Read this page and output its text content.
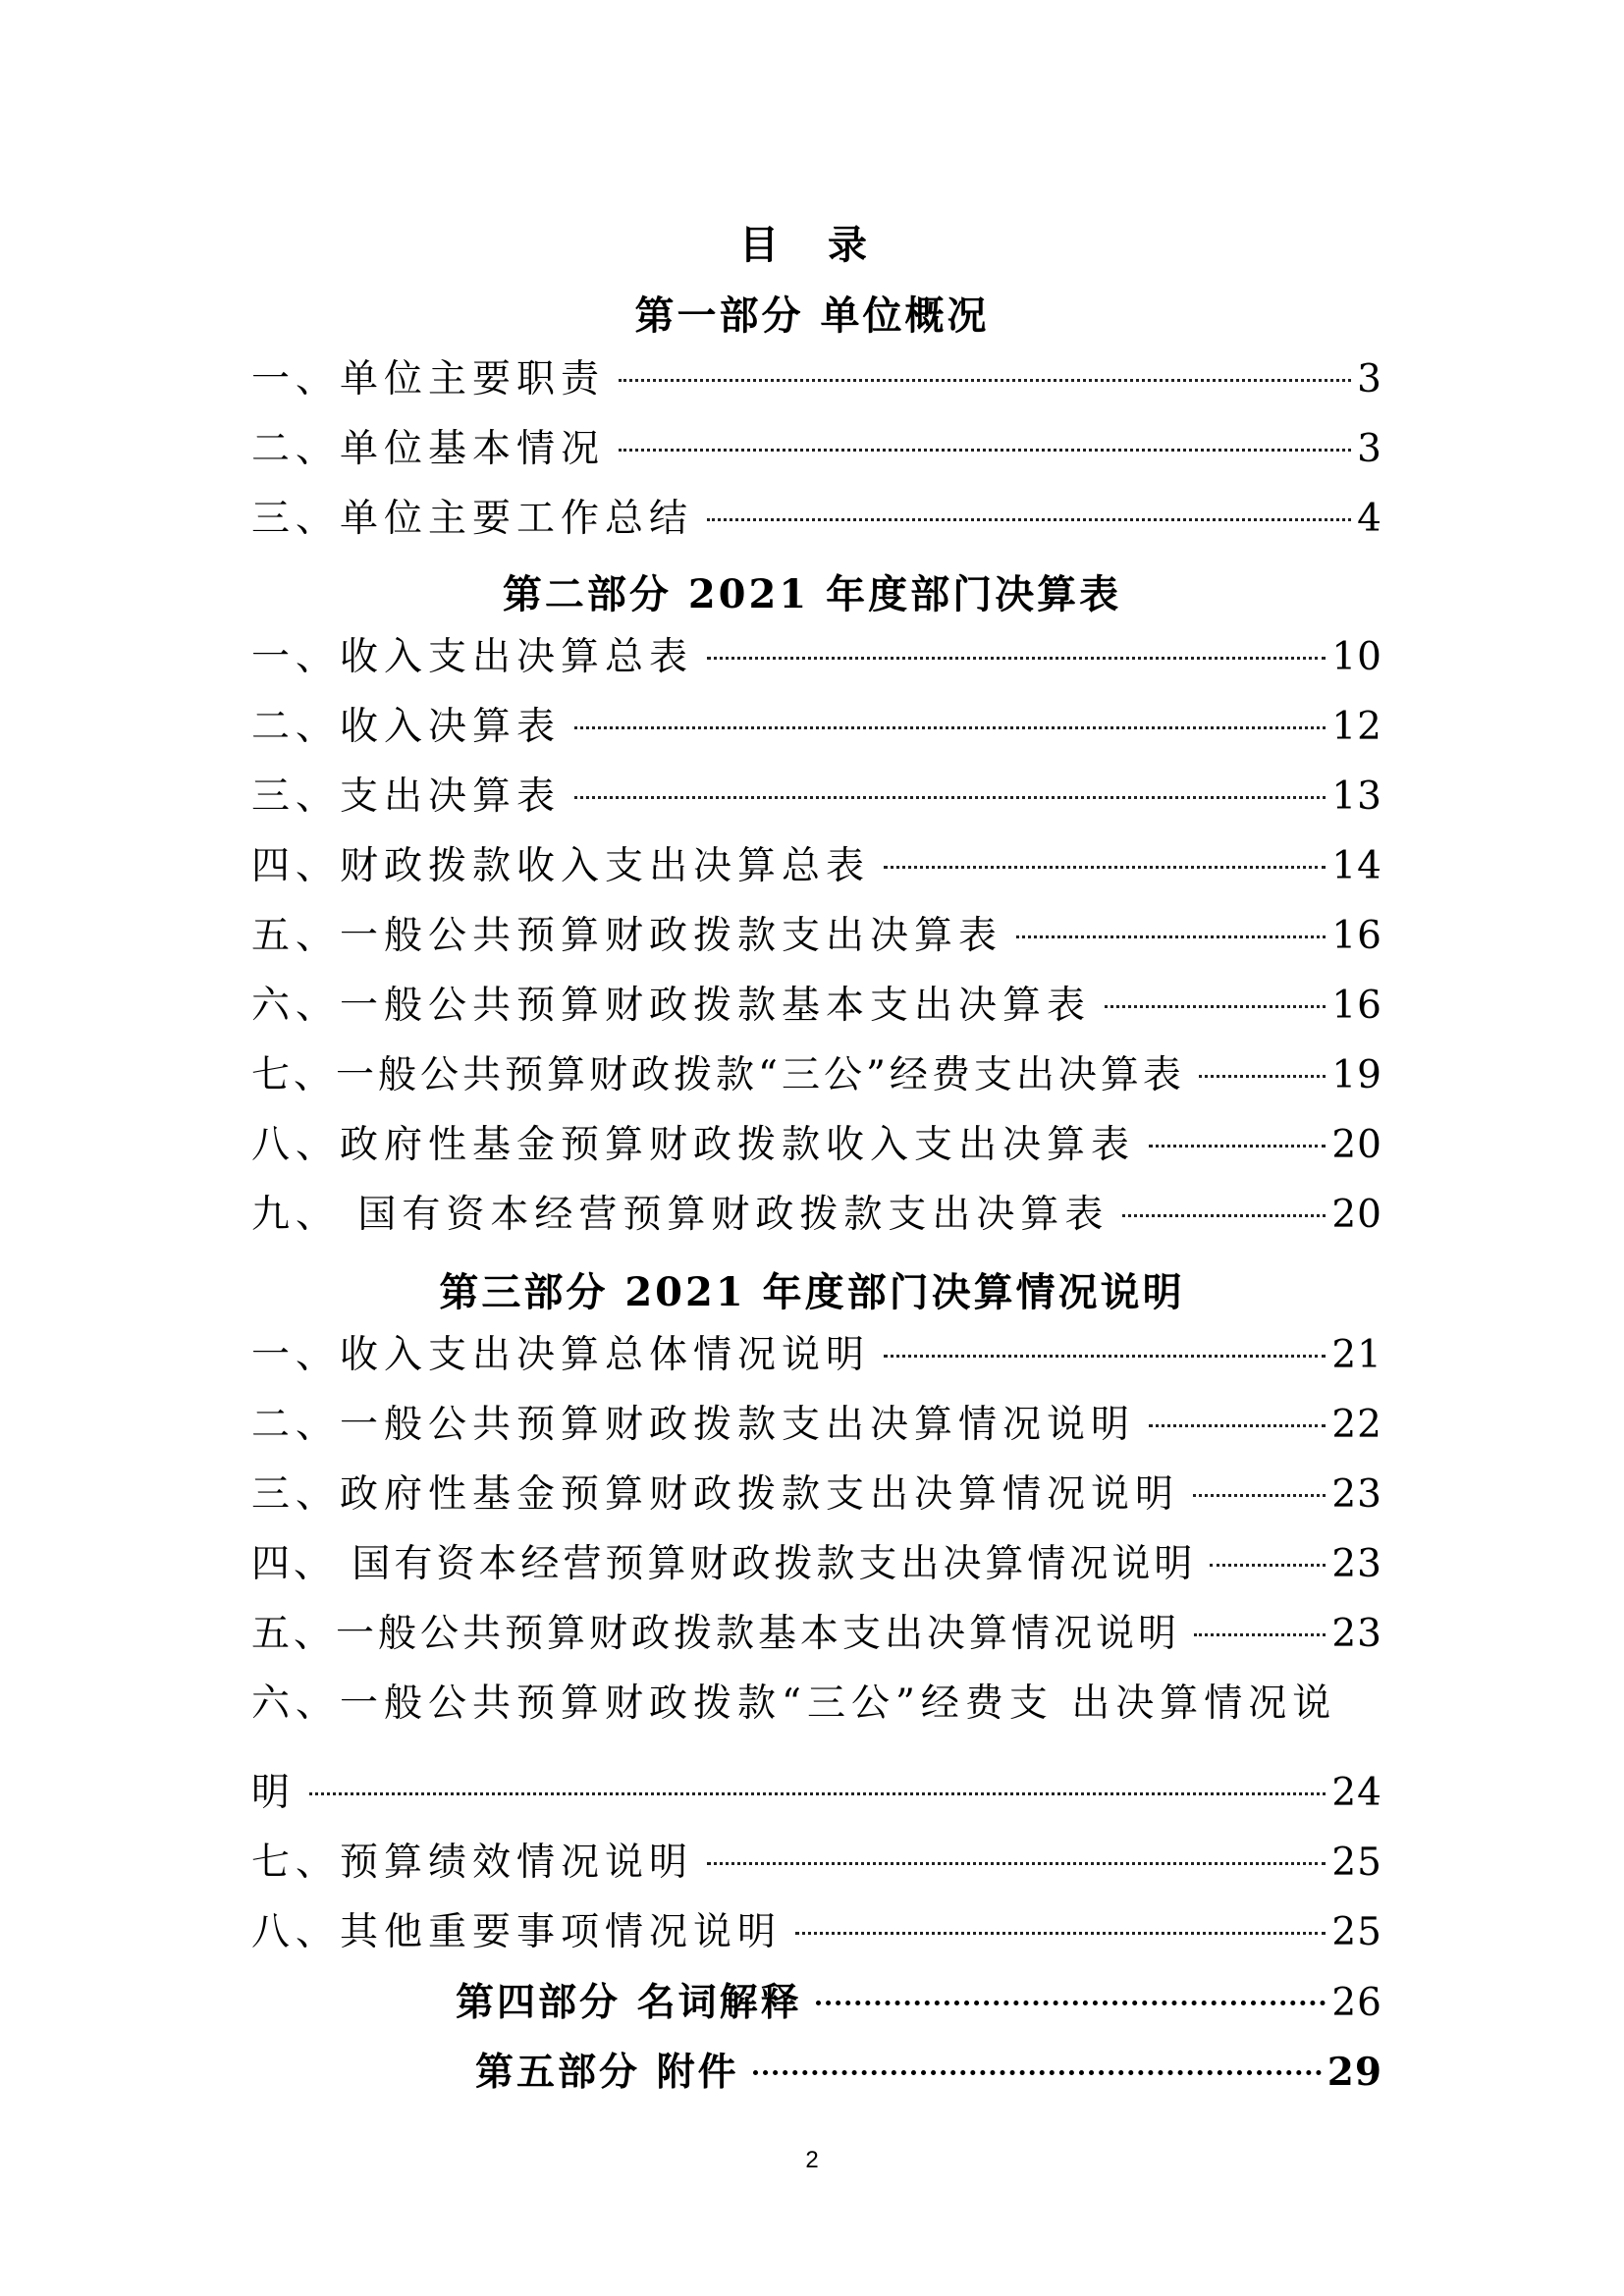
目 录
第一部分 单位概况
一、单位主要职责	3
二、单位基本情况	3
三、单位主要工作总结	4
第二部分 2021 年度部门决算表
一、收入支出决算总表	10
二、收入决算表	12
三、支出决算表	13
四、财政拨款收入支出决算总表	14
五、一般公共预算财政拨款支出决算表	16
六、一般公共预算财政拨款基本支出决算表	16
七、一般公共预算财政拨款“三公”经费支出决算表	19
八、政府性基金预算财政拨款收入支出决算表	20
九、 国有资本经营预算财政拨款支出决算表	20
第三部分 2021 年度部门决算情况说明
一、收入支出决算总体情况说明	21
二、一般公共预算财政拨款支出决算情况说明	22
三、政府性基金预算财政拨款支出决算情况说明	23
四、 国有资本经营预算财政拨款支出决算情况说明	23
五、一般公共预算财政拨款基本支出决算情况说明	23
六、一般公共预算财政拨款“三公”经费支 出决算情况说
明	24
七、预算绩效情况说明	25
八、其他重要事项情况说明	25
第四部分 名词解释	26
第五部分 附件	29
2
